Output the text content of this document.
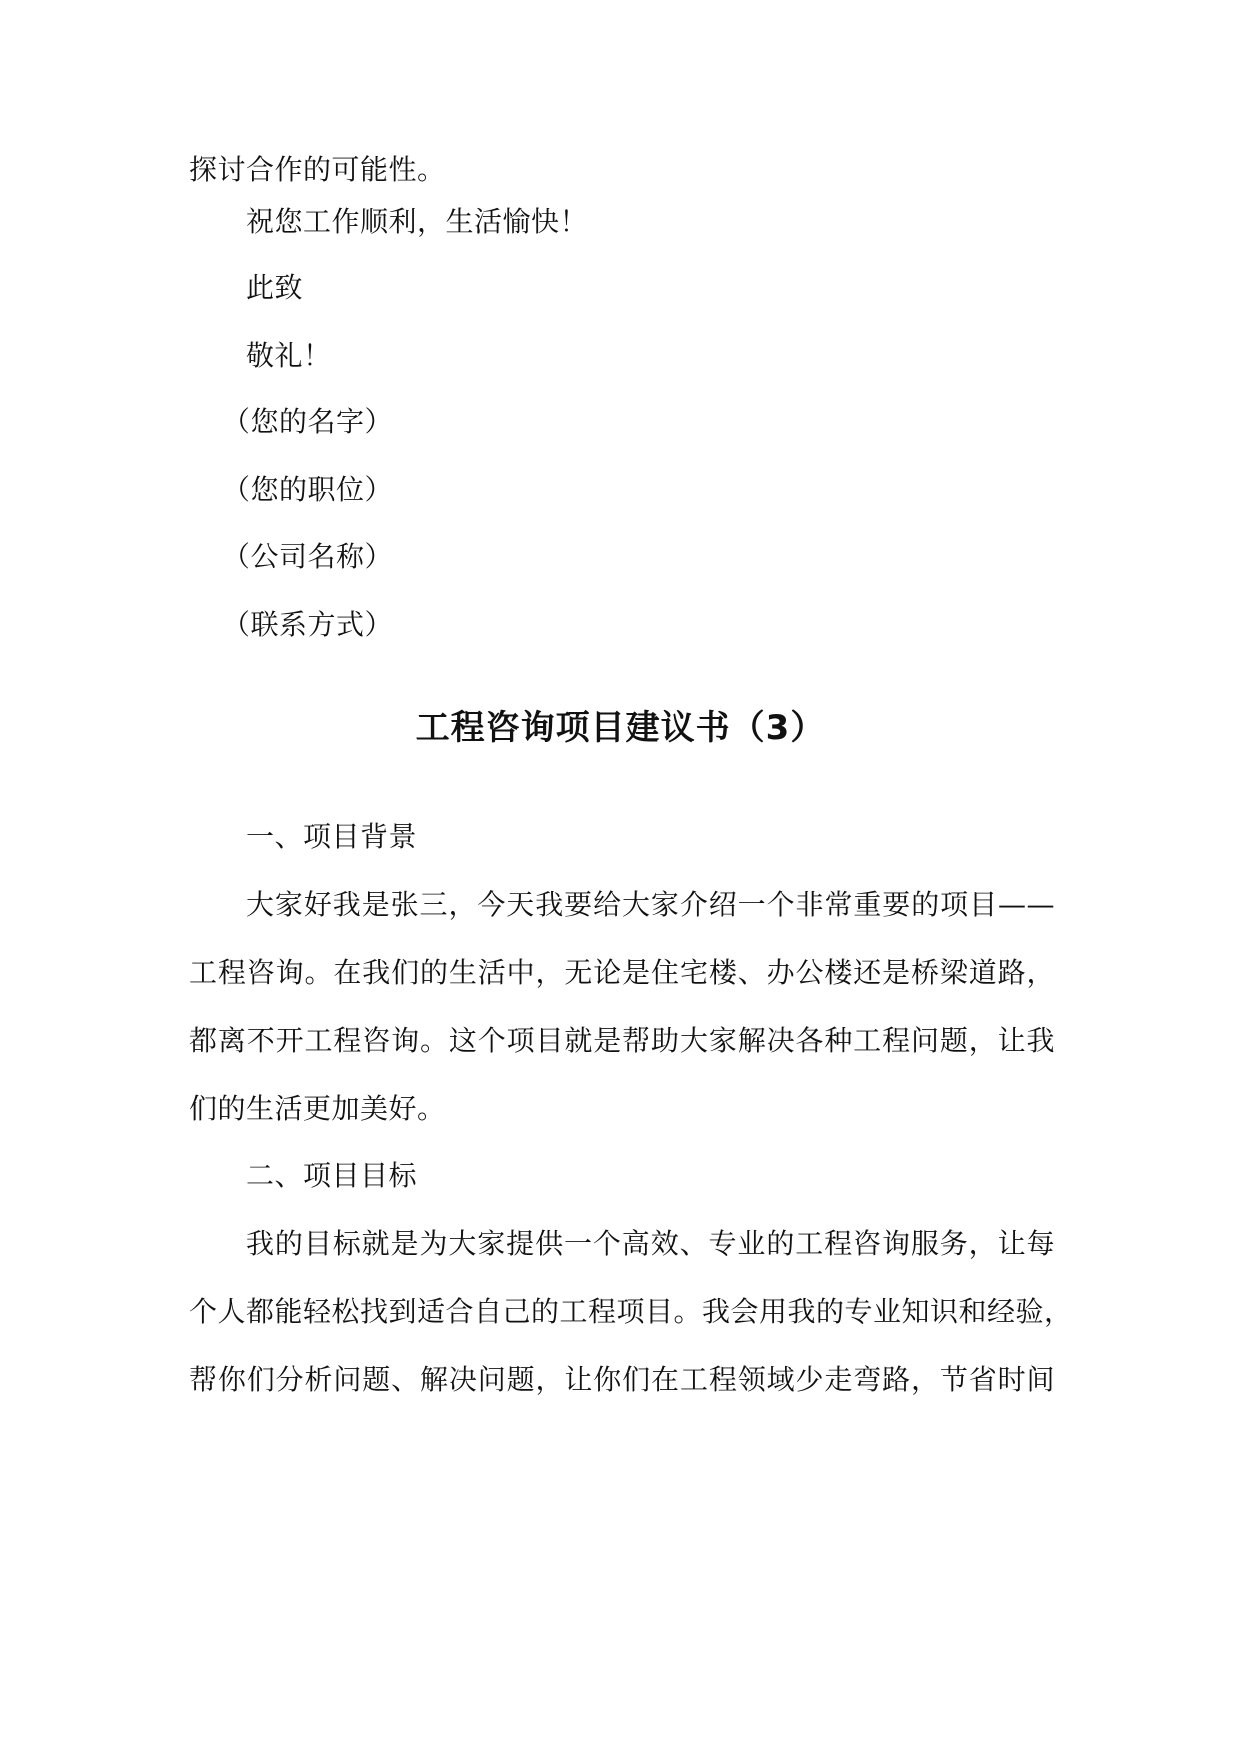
探讨合作的可能性。
祝您工作顺利，生活愉快！
此致
敬礼！
（您的名字）
（您的职位）
（公司名称）
（联系方式）
工程咨询项目建议书（3）
一、项目背景
大家好我是张三，今天我要给大家介绍一个非常重要的项目——
工程咨询。在我们的生活中，无论是住宅楼、办公楼还是桥梁道路，
都离不开工程咨询。这个项目就是帮助大家解决各种工程问题，让我
们的生活更加美好。
二、项目目标
我的目标就是为大家提供一个高效、专业的工程咨询服务，让每
个人都能轻松找到适合自己的工程项目。我会用我的专业知识和经验，
帮你们分析问题、解决问题，让你们在工程领域少走弯路，节省时间
